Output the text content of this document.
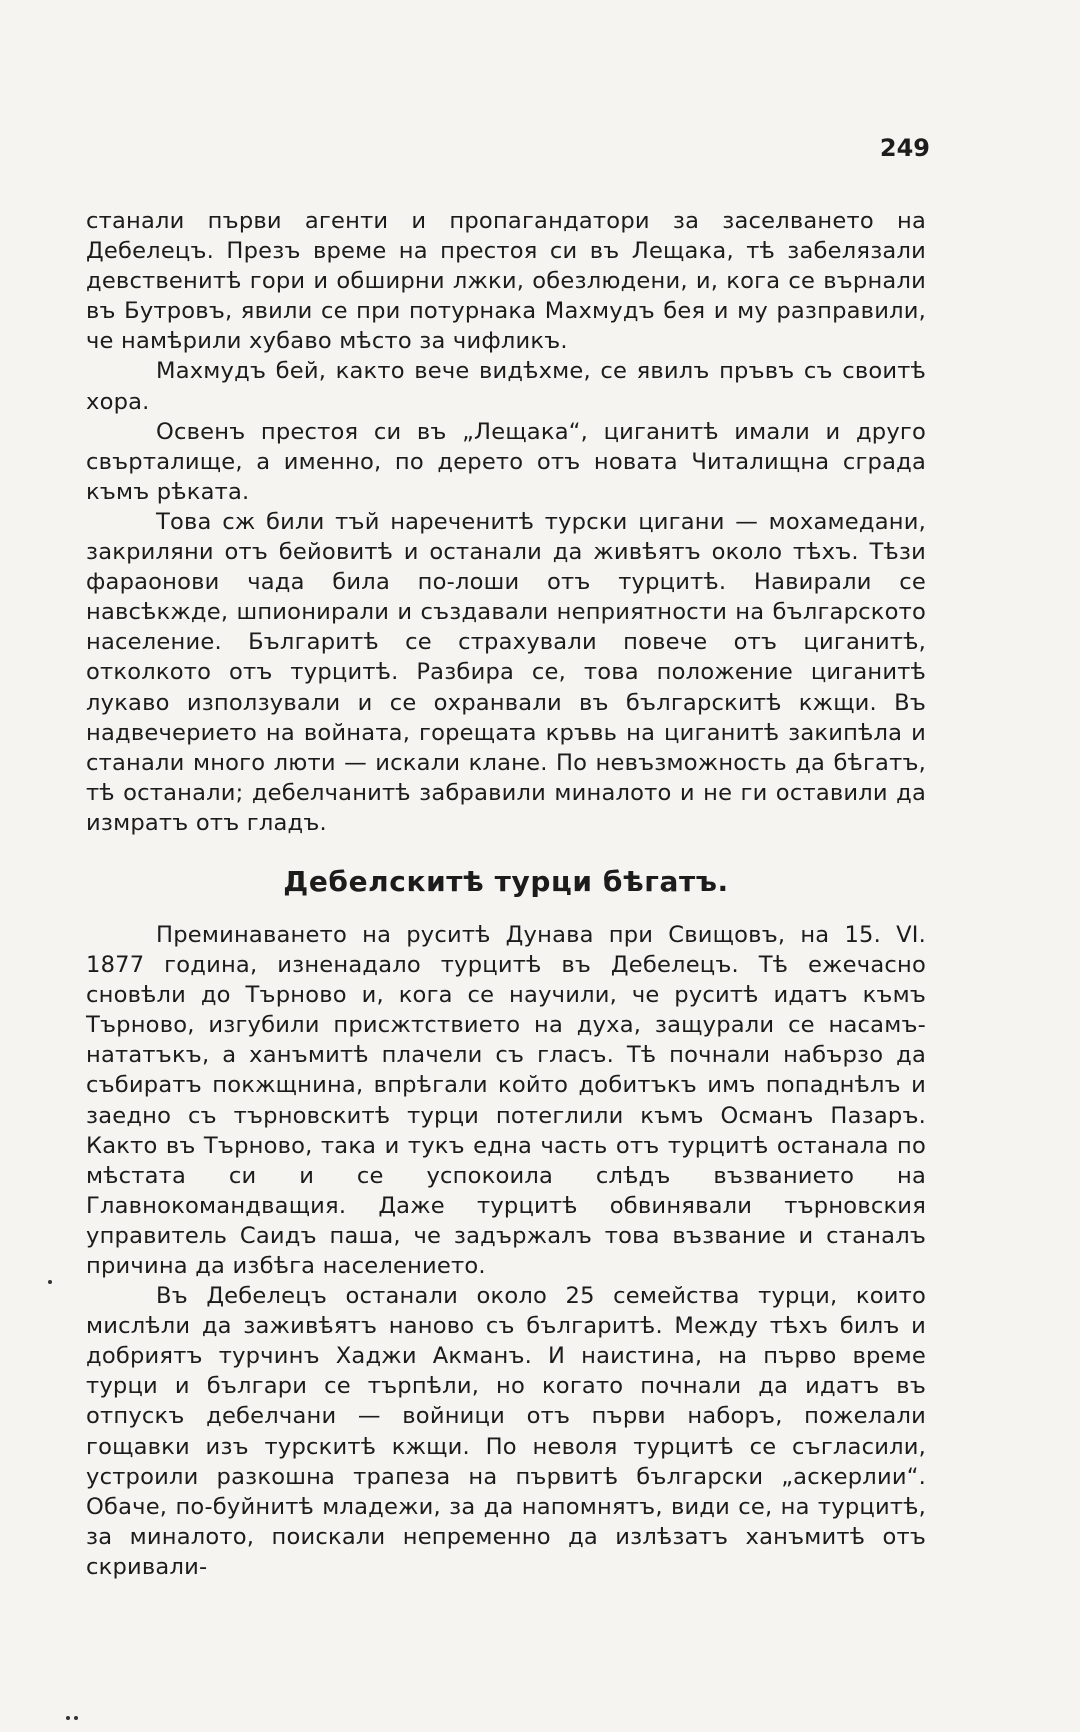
249

станали първи агенти и пропагандатори за заселването на Дебелецъ. Презъ време на престоя си въ Лещака, тѣ забелязали девственитѣ гори и обширни лжки, обезлюдени, и, кога се върнали въ Бутровъ, явили се при потурнака Махмудъ бея и му разправили, че намѣрили хубаво мѣсто за чифликъ.

Махмудъ бей, както вече видѣхме, се явилъ пръвъ съ своитѣ хора.

Освенъ престоя си въ „Лещака“, циганитѣ имали и друго свърталище, а именно, по дерето отъ новата Читалищна сграда къмъ рѣката.

Това сж били тъй нареченитѣ турски цигани — мохамедани, закриляни отъ бейовитѣ и останали да живѣятъ около тѣхъ. Тѣзи фараонови чада била по-лоши отъ турцитѣ. Навирали се навсѣкжде, шпионирали и създавали неприятности на българското население. Българитѣ се страхували повече отъ циганитѣ, отколкото отъ турцитѣ. Разбира се, това положение циганитѣ лукаво използували и се охранвали въ българскитѣ кжщи. Въ надвечерието на войната, горещата кръвь на циганитѣ закипѣла и станали много люти — искали клане. По невъзможность да бѣгатъ, тѣ останали; дебелчанитѣ забравили миналото и не ги оставили да измратъ отъ гладъ.

Дебелскитѣ турци бѣгатъ.

Преминаването на руситѣ Дунава при Свищовъ, на 15. VI. 1877 година, изненадало турцитѣ въ Дебелецъ. Тѣ ежечасно сновѣли до Търново и, кога се научили, че руситѣ идатъ къмъ Търново, изгубили присжтствието на духа, защурали се насамъ-нататъкъ, а ханъмитѣ плачели съ гласъ. Тѣ почнали набързо да събиратъ покжщнина, впрѣгали който добитъкъ имъ попаднѣлъ и заедно съ търновскитѣ турци потеглили къмъ Османъ Пазаръ. Както въ Търново, така и тукъ една часть отъ турцитѣ останала по мѣстата си и се успокоила слѣдъ възванието на Главнокомандващия. Даже турцитѣ обвинявали търновския управитель Саидъ паша, че задържалъ това възвание и станалъ причина да избѣга населението.

Въ Дебелецъ останали около 25 семейства турци, които мислѣли да заживѣятъ наново съ българитѣ. Между тѣхъ билъ и добриятъ турчинъ Хаджи Акманъ. И наистина, на първо време турци и българи се търпѣли, но когато почнали да идатъ въ отпускъ дебелчани — войници отъ първи наборъ, пожелали гощавки изъ турскитѣ кжщи. По неволя турцитѣ се съгласили, устроили разкошна трапеза на първитѣ български „аскерлии“. Обаче, по-буйнитѣ младежи, за да напомнятъ, види се, на турцитѣ, за миналото, поискали непременно да излѣзатъ ханъмитѣ отъ скривали-
